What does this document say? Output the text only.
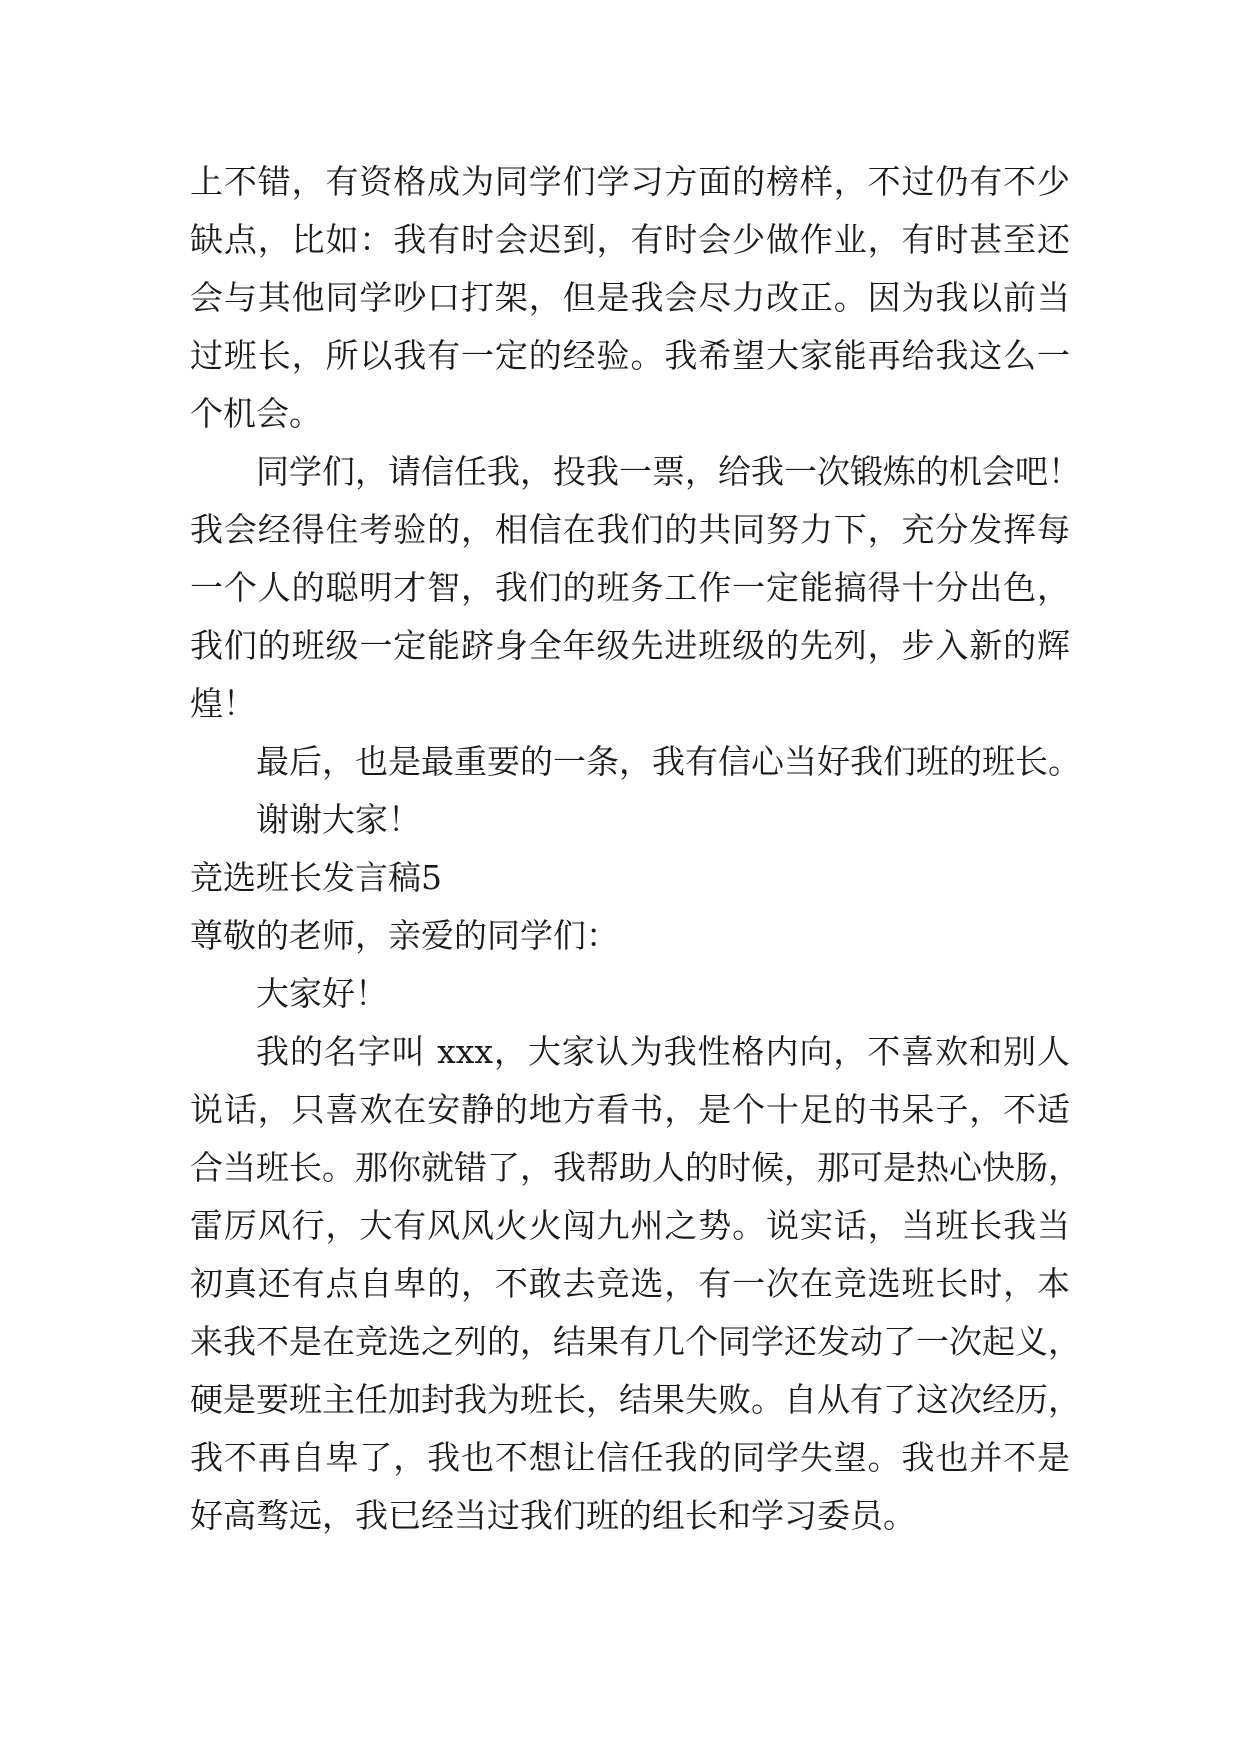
上不错，有资格成为同学们学习方面的榜样，不过仍有不少
缺点，比如：我有时会迟到，有时会少做作业，有时甚至还
会与其他同学吵口打架，但是我会尽力改正。因为我以前当
过班长，所以我有一定的经验。我希望大家能再给我这么一
个机会。
同学们，请信任我，投我一票，给我一次锻炼的机会吧！
我会经得住考验的，相信在我们的共同努力下，充分发挥每
一个人的聪明才智，我们的班务工作一定能搞得十分出色，
我们的班级一定能跻身全年级先进班级的先列，步入新的辉
煌！
最后，也是最重要的一条，我有信心当好我们班的班长。
谢谢大家！
竞选班长发言稿5
尊敬的老师，亲爱的同学们：
大家好！
我的名字叫 xxx，大家认为我性格内向，不喜欢和别人
说话，只喜欢在安静的地方看书，是个十足的书呆子，不适
合当班长。那你就错了，我帮助人的时候，那可是热心快肠，
雷厉风行，大有风风火火闯九州之势。说实话，当班长我当
初真还有点自卑的，不敢去竞选，有一次在竞选班长时，本
来我不是在竞选之列的，结果有几个同学还发动了一次起义，
硬是要班主任加封我为班长，结果失败。自从有了这次经历，
我不再自卑了，我也不想让信任我的同学失望。我也并不是
好高骛远，我已经当过我们班的组长和学习委员。
